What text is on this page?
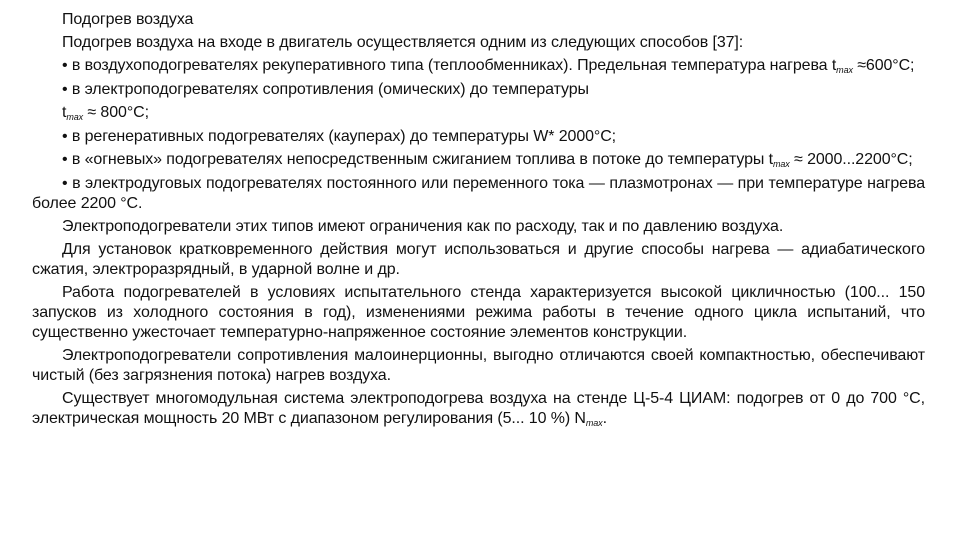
Подогрев воздуха

Подогрев воздуха на входе в двигатель осуществляется одним из следующих способов [37]:

• в воздухоподогревателях рекуперативного типа (теплообменниках). Предельная температура нагрева tmax ≈600°С;

• в электроподогревателях сопротивления (омических) до температуры

tmax ≈ 800°С;

• в регенеративных подогревателях (кауперах) до температуры W* 2000°С;

• в «огневых» подогревателях непосредственным сжиганием топлива в потоке до температуры tmax ≈ 2000...2200°С;

• в электродуговых подогревателях постоянного или переменного тока — плазмотронах — при температуре нагрева более 2200 °С.

Электроподогреватели этих типов имеют ограничения как по расходу, так и по давлению воздуха.

Для установок кратковременного действия могут использоваться и другие способы нагрева — адиабатического сжатия, электроразрядный, в ударной волне и др.

Работа подогревателей в условиях испытательного стенда характеризуется высокой цикличностью (100... 150 запусков из холодного состояния в год), изменениями режима работы в течение одного цикла испытаний, что существенно ужесточает температурно-напряженное состояние элементов конструкции.

Электроподогреватели сопротивления малоинерционны, выгодно отличаются своей компактностью, обеспечивают чистый (без загрязнения потока) нагрев воздуха.

Существует многомодульная система электроподогрева воздуха на стенде Ц-5-4 ЦИАМ: подогрев от 0 до 700 °С, электрическая мощность 20 МВт с диапазоном регулирования (5... 10 %) Nmax.
